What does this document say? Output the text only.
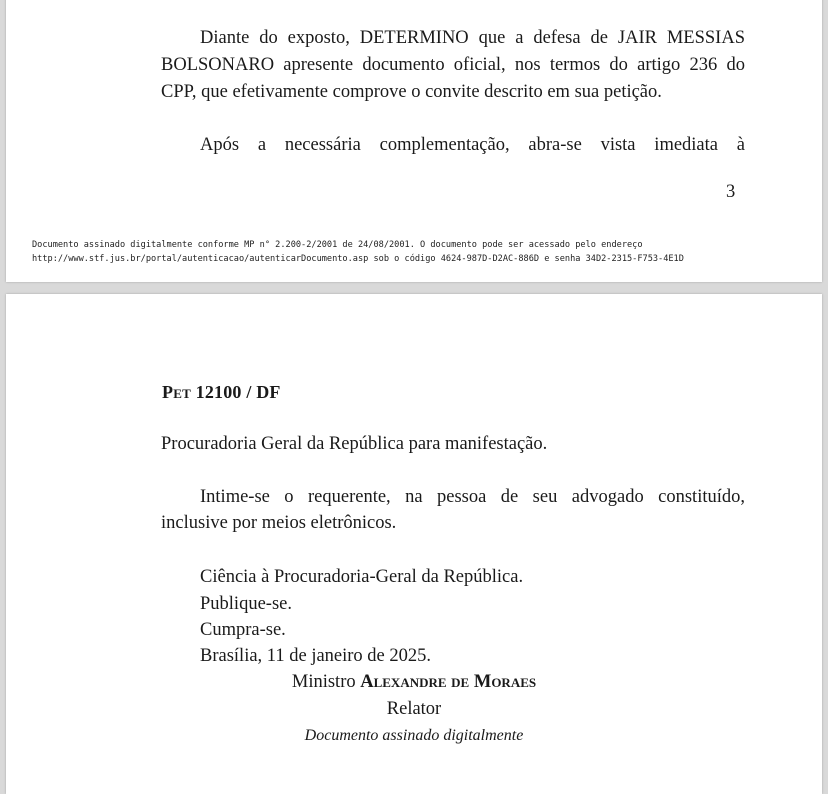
Diante do exposto, DETERMINO que a defesa de JAIR MESSIAS

BOLSONARO apresente documento oficial, nos termos do artigo 236 do

CPP, que efetivamente comprove o convite descrito em sua petição.

Após a necessária complementação, abra-se vista imediata à

3
Documento assinado digitalmente conforme MP n° 2.200-2/2001 de 24/08/2001. O documento pode ser acessado pelo endereço
http://www.stf.jus.br/portal/autenticacao/autenticarDocumento.asp sob o código 4624-987D-D2AC-886D e senha 34D2-2315-F753-4E1D
Pet 12100 / DF

Procuradoria Geral da República para manifestação.

Intime-se o requerente, na pessoa de seu advogado constituído,

inclusive por meios eletrônicos.

Ciência à Procuradoria-Geral da República.

Publique-se.

Cumpra-se.

Brasília, 11 de janeiro de 2025.

Ministro Alexandre de Moraes
Relator
Documento assinado digitalmente
